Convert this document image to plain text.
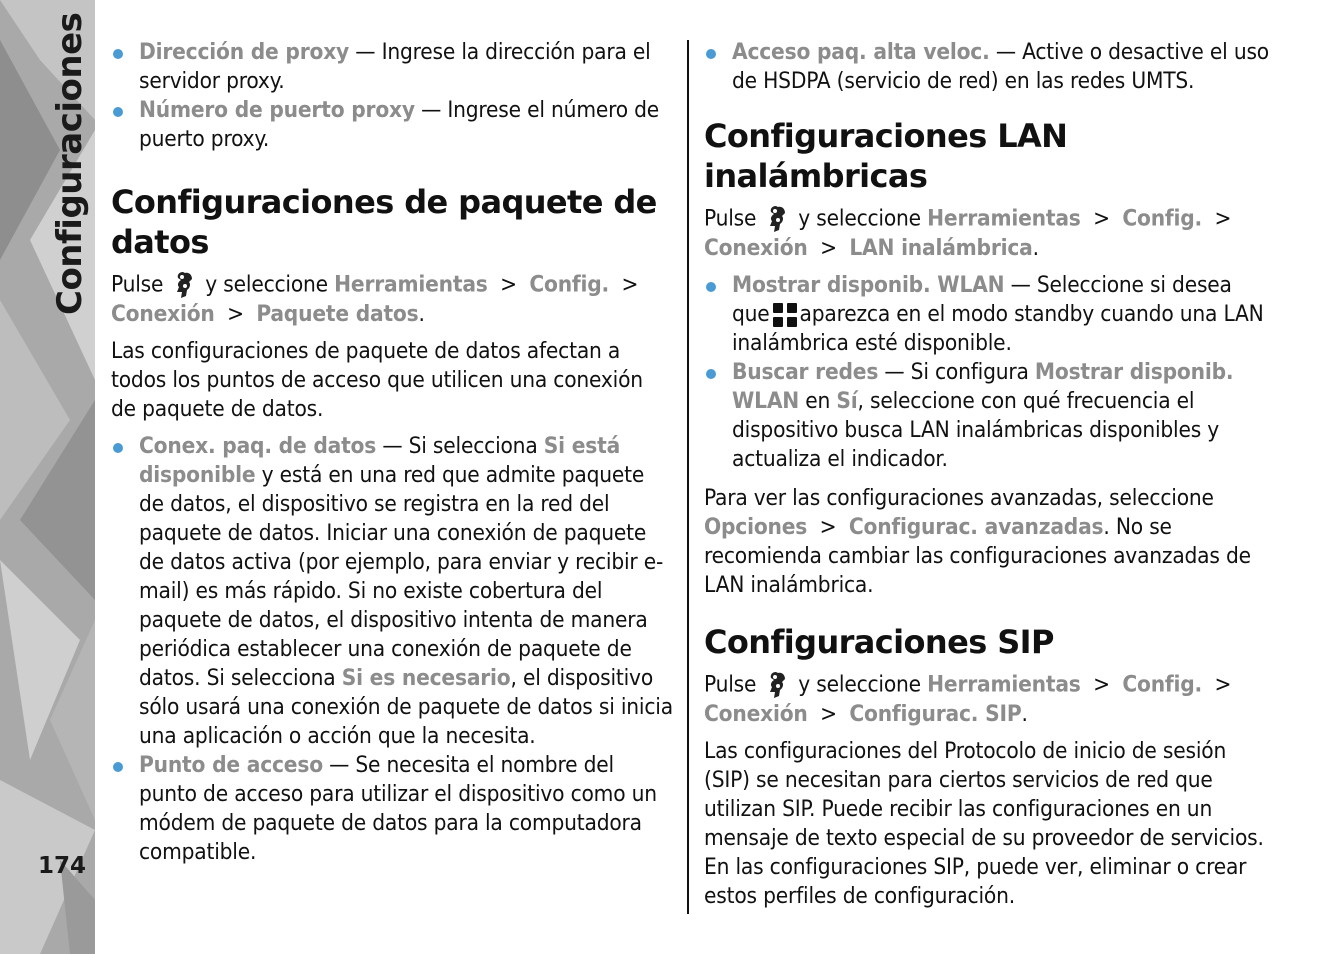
Configuraciones
174
Dirección de proxy — Ingrese la dirección para el servidor proxy.
Número de puerto proxy — Ingrese el número de puerto proxy.
Configuraciones de paquete de datos

Pulse y seleccione Herramientas > Config. > Conexión > Paquete datos.

Las configuraciones de paquete de datos afectan a todos los puntos de acceso que utilicen una conexión de paquete de datos.

Conex. paq. de datos — Si selecciona Si está disponible y está en una red que admite paquete de datos, el dispositivo se registra en la red del paquete de datos. Iniciar una conexión de paquete de datos activa (por ejemplo, para enviar y recibir e-mail) es más rápido. Si no existe cobertura del paquete de datos, el dispositivo intenta de manera periódica establecer una conexión de paquete de datos. Si selecciona Si es necesario, el dispositivo sólo usará una conexión de paquete de datos si inicia una aplicación o acción que la necesita.
Punto de acceso — Se necesita el nombre del punto de acceso para utilizar el dispositivo como un módem de paquete de datos para la computadora compatible.
Acceso paq. alta veloc. — Active o desactive el uso de HSDPA (servicio de red) en las redes UMTS.
Configuraciones LAN inalámbricas

Pulse y seleccione Herramientas > Config. > Conexión > LAN inalámbrica.

Mostrar disponib. WLAN — Seleccione si desea que aparezca en el modo standby cuando una LAN inalámbrica esté disponible.
Buscar redes — Si configura Mostrar disponib. WLAN en Sí, seleccione con qué frecuencia el dispositivo busca LAN inalámbricas disponibles y actualiza el indicador.

Para ver las configuraciones avanzadas, seleccione Opciones > Configurac. avanzadas. No se recomienda cambiar las configuraciones avanzadas de LAN inalámbrica.

Configuraciones SIP

Pulse y seleccione Herramientas > Config. > Conexión > Configurac. SIP.

Las configuraciones del Protocolo de inicio de sesión (SIP) se necesitan para ciertos servicios de red que utilizan SIP. Puede recibir las configuraciones en un mensaje de texto especial de su proveedor de servicios. En las configuraciones SIP, puede ver, eliminar o crear estos perfiles de configuración.
